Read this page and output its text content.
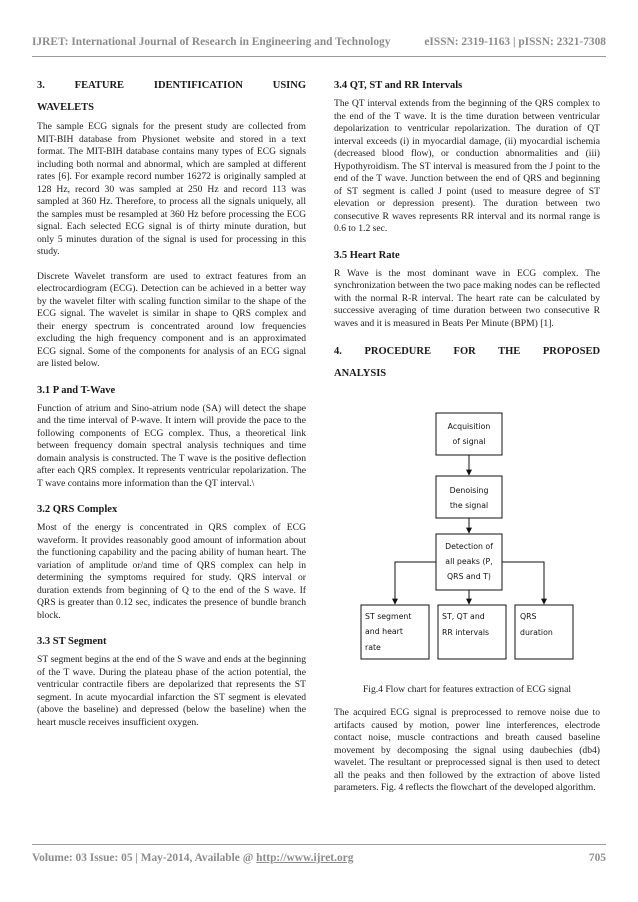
IJRET: International Journal of Research in Engineering and Technology	eISSN: 2319-1163 | pISSN: 2321-7308
3.	FEATURE	IDENTIFICATION	USING
WAVELETS

The sample ECG signals for the present study are collected from MIT-BIH database from Physionet website and stored in a text format. The MIT-BIH database contains many types of ECG signals including both normal and abnormal, which are sampled at different rates [6]. For example record number 16272 is originally sampled at 128 Hz, record 30 was sampled at 250 Hz and record 113 was sampled at 360 Hz. Therefore, to process all the signals uniquely, all the samples must be resampled at 360 Hz before processing the ECG signal. Each selected ECG signal is of thirty minute duration, but only 5 minutes duration of the signal is used for processing in this study.

Discrete Wavelet transform are used to extract features from an electrocardiogram (ECG). Detection can be achieved in a better way by the wavelet filter with scaling function similar to the shape of the ECG signal. The wavelet is similar in shape to QRS complex and their energy spectrum is concentrated around low frequencies excluding the high frequency component and is an approximated ECG signal. Some of the components for analysis of an ECG signal are listed below.

3.1 P and T-Wave

Function of atrium and Sino-atrium node (SA) will detect the shape and the time interval of P-wave. It intern will provide the pace to the following components of ECG complex. Thus, a theoretical link between frequency domain spectral analysis techniques and time domain analysis is constructed. The T wave is the positive deflection after each QRS complex. It represents ventricular repolarization. The T wave contains more information than the QT interval.\

3.2 QRS Complex

Most of the energy is concentrated in QRS complex of ECG waveform. It provides reasonably good amount of information about the functioning capability and the pacing ability of human heart. The variation of amplitude or/and time of QRS complex can help in determining the symptoms required for study. QRS interval or duration extends from beginning of Q to the end of the S wave. If QRS is greater than 0.12 sec, indicates the presence of bundle branch block.

3.3 ST Segment

ST segment begins at the end of the S wave and ends at the beginning of the T wave. During the plateau phase of the action potential, the ventricular contractile fibers are depolarized that represents the ST segment. In acute myocardial infarction the ST segment is elevated (above the baseline) and depressed (below the baseline) when the heart muscle receives insufficient oxygen.

3.4 QT, ST and RR Intervals

The QT interval extends from the beginning of the QRS complex to the end of the T wave. It is the time duration between ventricular depolarization to ventricular repolarization. The duration of QT interval exceeds (i) in myocardial damage, (ii) myocardial ischemia (decreased blood flow), or conduction abnormalities and (iii) Hypothyroidism. The ST interval is measured from the J point to the end of the T wave. Junction between the end of QRS and beginning of ST segment is called J point (used to measure degree of ST elevation or depression present). The duration between two consecutive R waves represents RR interval and its normal range is 0.6 to 1.2 sec.

3.5 Heart Rate

R Wave is the most dominant wave in ECG complex. The synchronization between the two pace making nodes can be reflected with the normal R-R interval. The heart rate can be calculated by successive averaging of time duration between two consecutive R waves and it is measured in Beats Per Minute (BPM) [1].

4. PROCEDURE FOR THE PROPOSED
ANALYSIS
Acquisition
of signal
Denoising
the signal
Detection of
all peaks (P,
QRS and T)
ST segment
and heart
rate
ST, QT and
RR intervals
QRS
duration
Fig.4 Flow chart for features extraction of ECG signal

The acquired ECG signal is preprocessed to remove noise due to artifacts caused by motion, power line interferences, electrode contact noise, muscle contractions and breath caused baseline movement by decomposing the signal using daubechies (db4) wavelet. The resultant or preprocessed signal is then used to detect all the peaks and then followed by the extraction of above listed parameters. Fig. 4 reflects the flowchart of the developed algorithm.

Volume: 03 Issue: 05 | May-2014, Available @ http://www.ijret.org	705
